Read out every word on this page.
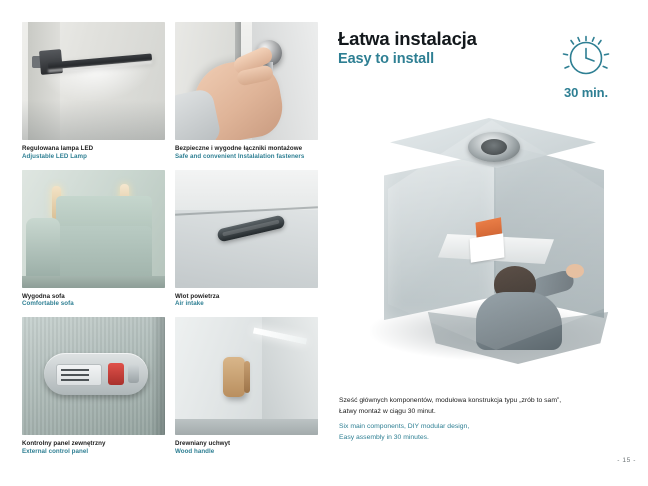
Regulowana lampa LED
Adjustable LED Lamp
Bezpieczne i wygodne łączniki montażowe
Safe and convenient Instalalation fasteners
Wygodna sofa
Comfortable sofa
Wlot powietrza
Air intake
Kontrolny panel zewnętrzny
External control panel
Drewniany uchwyt
Wood handle
Łatwa instalacja
Easy to install
30 min.
Sześć głównych komponentów, modułowa konstrukcja typu „zrób to sam”,
Łatwy montaż w ciągu 30 minut.
Six main components, DIY modular design,
Easy assembly in 30 minutes.
- 15 -
